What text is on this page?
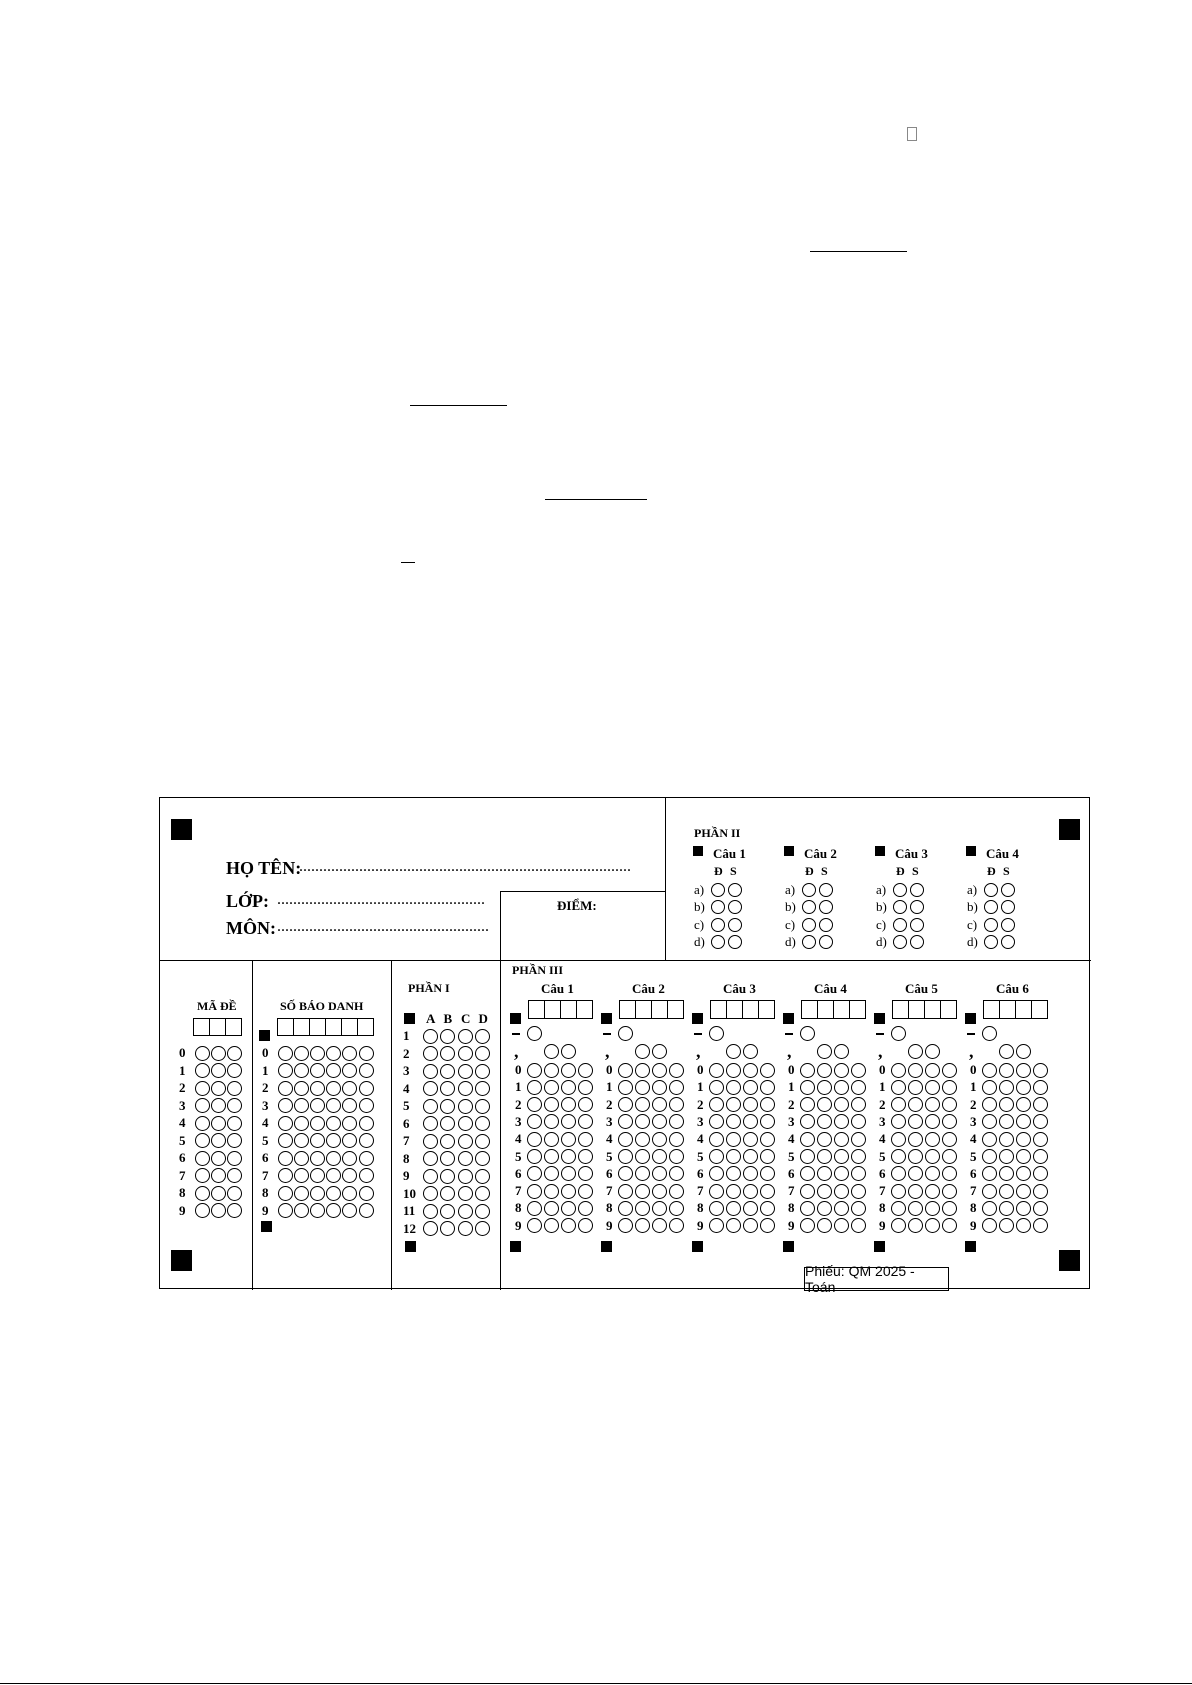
HỌ TÊN:
...................................................................................
LỚP: ....................................................
MÔN: .....................................................
ĐIỂM:
PHẦN II
Câu 1
Đ S
a)
b)
c)
d)
Câu 2
Đ S
a)
b)
c)
d)
Câu 3
Đ S
a)
b)
c)
d)
Câu 4
Đ S
a)
b)
c)
d)
MÃ ĐỀ
0
1
2
3
4
5
6
7
8
9
SỐ BÁO DANH
0
1
2
3
4
5
6
7
8
9
PHẦN I
A B C D
1
2
3
4
5
6
7
8
9
10
11
12
PHẦN III
Câu 1
,
0
1
2
3
4
5
6
7
8
9
Câu 2
,
0
1
2
3
4
5
6
7
8
9
Câu 3
,
0
1
2
3
4
5
6
7
8
9
Câu 4
,
0
1
2
3
4
5
6
7
8
9
Câu 5
,
0
1
2
3
4
5
6
7
8
9
Câu 6
,
0
1
2
3
4
5
6
7
8
9
Phiếu: QM 2025 - Toán
